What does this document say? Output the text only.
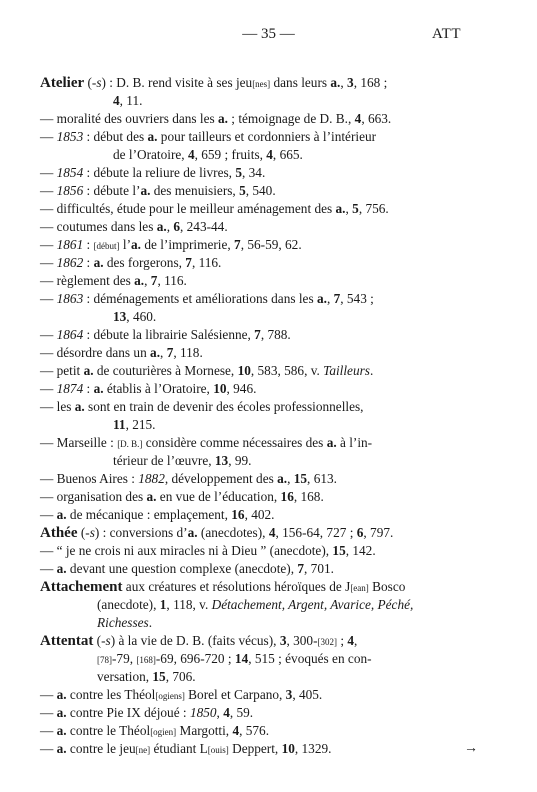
— 35 —	ATT
Atelier (-s) : D. B. rend visite à ses jeu[nes] dans leurs a., 3, 168 ;
4, 11.
— moralité des ouvriers dans les a. ; témoignage de D. B., 4, 663.
— 1853 : début des a. pour tailleurs et cordonniers à l’intérieur
de l’Oratoire, 4, 659 ; fruits, 4, 665.
— 1854 : débute la reliure de livres, 5, 34.
— 1856 : débute l’a. des menuisiers, 5, 540.
— difficultés, étude pour le meilleur aménagement des a., 5, 756.
— coutumes dans les a., 6, 243-44.
— 1861 : [début] l’a. de l’imprimerie, 7, 56-59, 62.
— 1862 : a. des forgerons, 7, 116.
— règlement des a., 7, 116.
— 1863 : déménagements et améliorations dans les a., 7, 543 ;
13, 460.
— 1864 : débute la librairie Salésienne, 7, 788.
— désordre dans un a., 7, 118.
— petit a. de couturières à Mornese, 10, 583, 586, v. Tailleurs.
— 1874 : a. établis à l’Oratoire, 10, 946.
— les a. sont en train de devenir des écoles professionnelles,
11, 215.
— Marseille : [D. B.] considère comme nécessaires des a. à l’in-
térieur de l’œuvre, 13, 99.
— Buenos Aires : 1882, développement des a., 15, 613.
— organisation des a. en vue de l’éducation, 16, 168.
— a. de mécanique : emplaçement, 16, 402.
Athée (-s) : conversions d’a. (anecdotes), 4, 156-64, 727 ; 6, 797.
— “ je ne crois ni aux miracles ni à Dieu ” (anecdote), 15, 142.
— a. devant une question complexe (anecdote), 7, 701.
Attachement aux créatures et résolutions héroïques de J[ean] Bosco
(anecdote), 1, 118, v. Détachement, Argent, Avarice, Péché,
Richesses.
Attentat (-s) à la vie de D. B. (faits vécus), 3, 300-[302] ; 4,
[78]-79, [168]-69, 696-720 ; 14, 515 ; évoqués en con-
versation, 15, 706.
— a. contre les Théol[ogiens] Borel et Carpano, 3, 405.
— a. contre Pie IX déjoué : 1850, 4, 59.
— a. contre le Théol[ogien] Margotti, 4, 576.
— a. contre le jeu[ne] étudiant L[ouis] Deppert, 10, 1329.	→
